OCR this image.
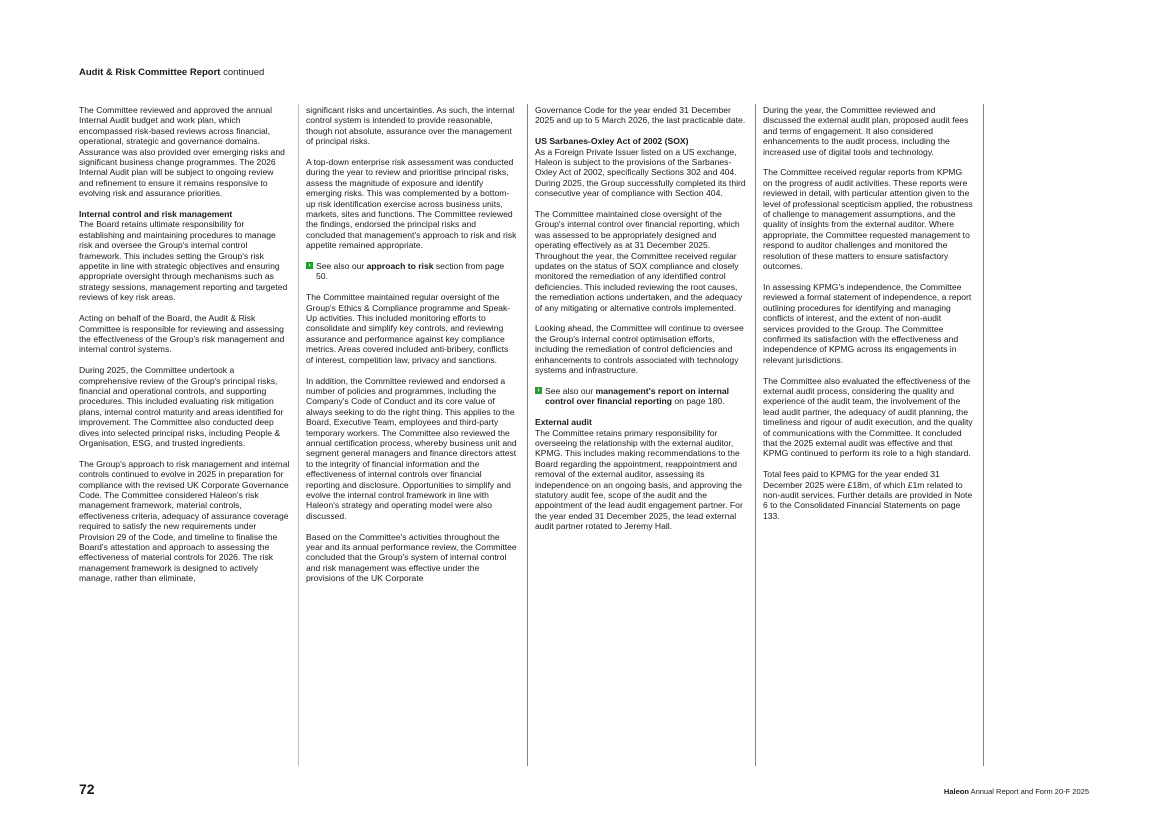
Audit & Risk Committee Report continued

The Committee reviewed and approved the annual Internal Audit budget and work plan, which encompassed risk-based reviews across financial, operational, strategic and governance domains. Assurance was also provided over emerging risks and significant business change programmes. The 2026 Internal Audit plan will be subject to ongoing review and refinement to ensure it remains responsive to evolving risk and assurance priorities.

Internal control and risk management

The Board retains ultimate responsibility for establishing and maintaining procedures to manage risk and oversee the Group's internal control framework. This includes setting the Group's risk appetite in line with strategic objectives and ensuring appropriate oversight through mechanisms such as strategy sessions, management reporting and targeted reviews of key risk areas.

Acting on behalf of the Board, the Audit & Risk Committee is responsible for reviewing and assessing the effectiveness of the Group's risk management and internal control systems.

During 2025, the Committee undertook a comprehensive review of the Group's principal risks, financial and operational controls, and supporting procedures. This included evaluating risk mitigation plans, internal control maturity and areas identified for improvement. The Committee also conducted deep dives into selected principal risks, including People & Organisation, ESG, and trusted ingredients.

The Group's approach to risk management and internal controls continued to evolve in 2025 in preparation for compliance with the revised UK Corporate Governance Code. The Committee considered Haleon's risk management framework, material controls, effectiveness criteria, adequacy of assurance coverage required to satisfy the new requirements under Provision 29 of the Code, and timeline to finalise the Board's attestation and approach to assessing the effectiveness of material controls for 2026. The risk management framework is designed to actively manage, rather than eliminate,

significant risks and uncertainties. As such, the internal control system is intended to provide reasonable, though not absolute, assurance over the management of principal risks.

A top-down enterprise risk assessment was conducted during the year to review and prioritise principal risks, assess the magnitude of exposure and identify emerging risks. This was complemented by a bottom-up risk identification exercise across business units, markets, sites and functions. The Committee reviewed the findings, endorsed the principal risks and concluded that management's approach to risk and risk appetite remained appropriate.

› See also our approach to risk section from page 50.

The Committee maintained regular oversight of the Group's Ethics & Compliance programme and Speak-Up activities. This included monitoring efforts to consolidate and simplify key controls, and reviewing assurance and performance against key compliance metrics. Areas covered included anti-bribery, conflicts of interest, competition law, privacy and sanctions.

In addition, the Committee reviewed and endorsed a number of policies and programmes, including the Company's Code of Conduct and its core value of always seeking to do the right thing. This applies to the Board, Executive Team, employees and third-party temporary workers. The Committee also reviewed the annual certification process, whereby business unit and segment general managers and finance directors attest to the integrity of financial information and the effectiveness of internal controls over financial reporting and disclosure. Opportunities to simplify and evolve the internal control framework in line with Haleon's strategy and operating model were also discussed.

Based on the Committee's activities throughout the year and its annual performance review, the Committee concluded that the Group's system of internal control and risk management was effective under the provisions of the UK Corporate

Governance Code for the year ended 31 December 2025 and up to 5 March 2026, the last practicable date.

US Sarbanes-Oxley Act of 2002 (SOX)

As a Foreign Private Issuer listed on a US exchange, Haleon is subject to the provisions of the Sarbanes-Oxley Act of 2002, specifically Sections 302 and 404. During 2025, the Group successfully completed its third consecutive year of compliance with Section 404.

The Committee maintained close oversight of the Group's internal control over financial reporting, which was assessed to be appropriately designed and operating effectively as at 31 December 2025. Throughout the year, the Committee received regular updates on the status of SOX compliance and closely monitored the remediation of any identified control deficiencies. This included reviewing the root causes, the remediation actions undertaken, and the adequacy of any mitigating or alternative controls implemented.

Looking ahead, the Committee will continue to oversee the Group's internal control optimisation efforts, including the remediation of control deficiencies and enhancements to controls associated with technology systems and infrastructure.

› See also our management's report on internal control over financial reporting on page 180.
External audit

The Committee retains primary responsibility for overseeing the relationship with the external auditor, KPMG. This includes making recommendations to the Board regarding the appointment, reappointment and removal of the external auditor, assessing its independence on an ongoing basis, and approving the statutory audit fee, scope of the audit and the appointment of the lead audit engagement partner. For the year ended 31 December 2025, the lead external audit partner rotated to Jeremy Hall.

During the year, the Committee reviewed and discussed the external audit plan, proposed audit fees and terms of engagement. It also considered enhancements to the audit process, including the increased use of digital tools and technology.

The Committee received regular reports from KPMG on the progress of audit activities. These reports were reviewed in detail, with particular attention given to the level of professional scepticism applied, the robustness of challenge to management assumptions, and the quality of insights from the external auditor. Where appropriate, the Committee requested management to respond to auditor challenges and monitored the resolution of these matters to ensure satisfactory outcomes.

In assessing KPMG's independence, the Committee reviewed a formal statement of independence, a report outlining procedures for identifying and managing conflicts of interest, and the extent of non-audit services provided to the Group. The Committee confirmed its satisfaction with the effectiveness and independence of KPMG across its engagements in relevant jurisdictions.

The Committee also evaluated the effectiveness of the external audit process, considering the quality and experience of the audit team, the involvement of the lead audit partner, the adequacy of audit planning, the timeliness and rigour of audit execution, and the quality of communications with the Committee. It concluded that the 2025 external audit was effective and that KPMG continued to perform its role to a high standard.

Total fees paid to KPMG for the year ended 31 December 2025 were £18m, of which £1m related to non-audit services. Further details are provided in Note 6 to the Consolidated Financial Statements on page 133.

72	Haleon Annual Report and Form 20-F 2025
